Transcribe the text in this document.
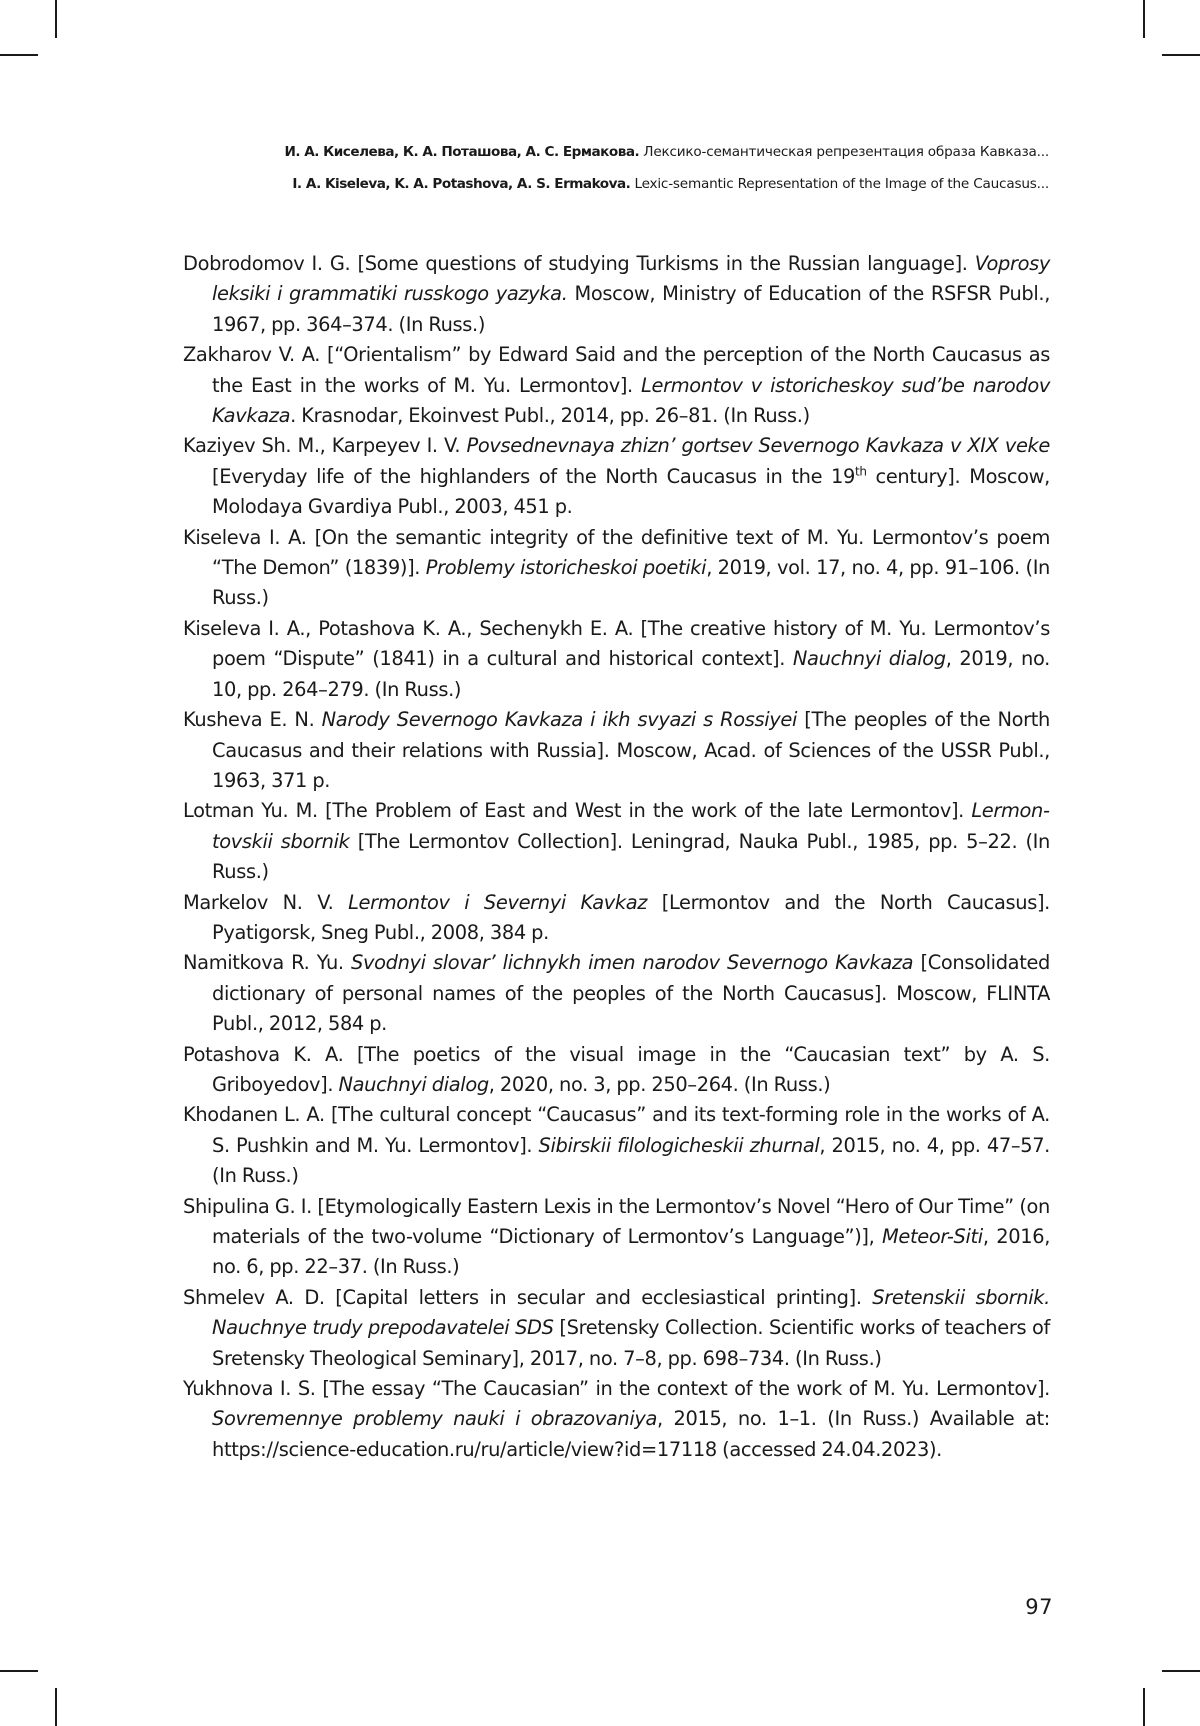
И. А. Киселева, К. А. Поташова, А. С. Ермакова. Лексико-семантическая репрезентация образа Кавказа...
I. A. Kiseleva, K. A. Potashova, A. S. Ermakova. Lexic-semantic Representation of the Image of the Caucasus...
Dobrodomov I. G. [Some questions of studying Turkisms in the Russian language]. Voprosy leksiki i grammatiki russkogo yazyka. Moscow, Ministry of Education of the RSFSR Publ., 1967, pp. 364–374. (In Russ.)
Zakharov V. A. [“Orientalism” by Edward Said and the perception of the North Caucasus as the East in the works of M. Yu. Lermontov]. Lermontov v istoricheskoy sud’be narodov Kavkaza. Krasnodar, Ekoinvest Publ., 2014, pp. 26–81. (In Russ.)
Kaziyev Sh. M., Karpeyev I. V. Povsednevnaya zhizn’ gortsev Severnogo Kavkaza v XIX veke [Everyday life of the highlanders of the North Caucasus in the 19th century]. Moscow, Molodaya Gvardiya Publ., 2003, 451 p.
Kiseleva I. A. [On the semantic integrity of the definitive text of M. Yu. Lermontov’s poem “The Demon” (1839)]. Problemy istoricheskoi poetiki, 2019, vol. 17, no. 4, pp. 91–106. (In Russ.)
Kiseleva I. A., Potashova K. A., Sechenykh E. A. [The creative history of M. Yu. Lermontov’s poem “Dispute” (1841) in a cultural and historical context]. Nauchnyi dialog, 2019, no. 10, pp. 264–279. (In Russ.)
Kusheva E. N. Narody Severnogo Kavkaza i ikh svyazi s Rossiyei [The peoples of the North Caucasus and their relations with Russia]. Moscow, Acad. of Sciences of the USSR Publ., 1963, 371 p.
Lotman Yu. M. [The Problem of East and West in the work of the late Lermontov]. Lermontovskii sbornik [The Lermontov Collection]. Leningrad, Nauka Publ., 1985, pp. 5–22. (In Russ.)
Markelov N. V. Lermontov i Severnyi Kavkaz [Lermontov and the North Caucasus]. Pyatigorsk, Sneg Publ., 2008, 384 p.
Namitkova R. Yu. Svodnyi slovar’ lichnykh imen narodov Severnogo Kavkaza [Consolidated dictionary of personal names of the peoples of the North Caucasus]. Moscow, FLINTA Publ., 2012, 584 p.
Potashova K. A. [The poetics of the visual image in the “Caucasian text” by A. S. Griboyedov]. Nauchnyi dialog, 2020, no. 3, pp. 250–264. (In Russ.)
Khodanen L. A. [The cultural concept “Caucasus” and its text-forming role in the works of A. S. Pushkin and M. Yu. Lermontov]. Sibirskii filologicheskii zhurnal, 2015, no. 4, pp. 47–57. (In Russ.)
Shipulina G. I. [Etymologically Eastern Lexis in the Lermontov’s Novel “Hero of Our Time” (on materials of the two-volume “Dictionary of Lermontov’s Language”)], Meteor-Siti, 2016, no. 6, pp. 22–37. (In Russ.)
Shmelev A. D. [Capital letters in secular and ecclesiastical printing]. Sretenskii sbornik. Nauchnye trudy prepodavatelei SDS [Sretensky Collection. Scientific works of teachers of Sretensky Theological Seminary], 2017, no. 7–8, pp. 698–734. (In Russ.)
Yukhnova I. S. [The essay “The Caucasian” in the context of the work of M. Yu. Lermontov]. Sovremennye problemy nauki i obrazovaniya, 2015, no. 1–1. (In Russ.) Available at: https://science-education.ru/ru/article/view?id=17118 (accessed 24.04.2023).
97
